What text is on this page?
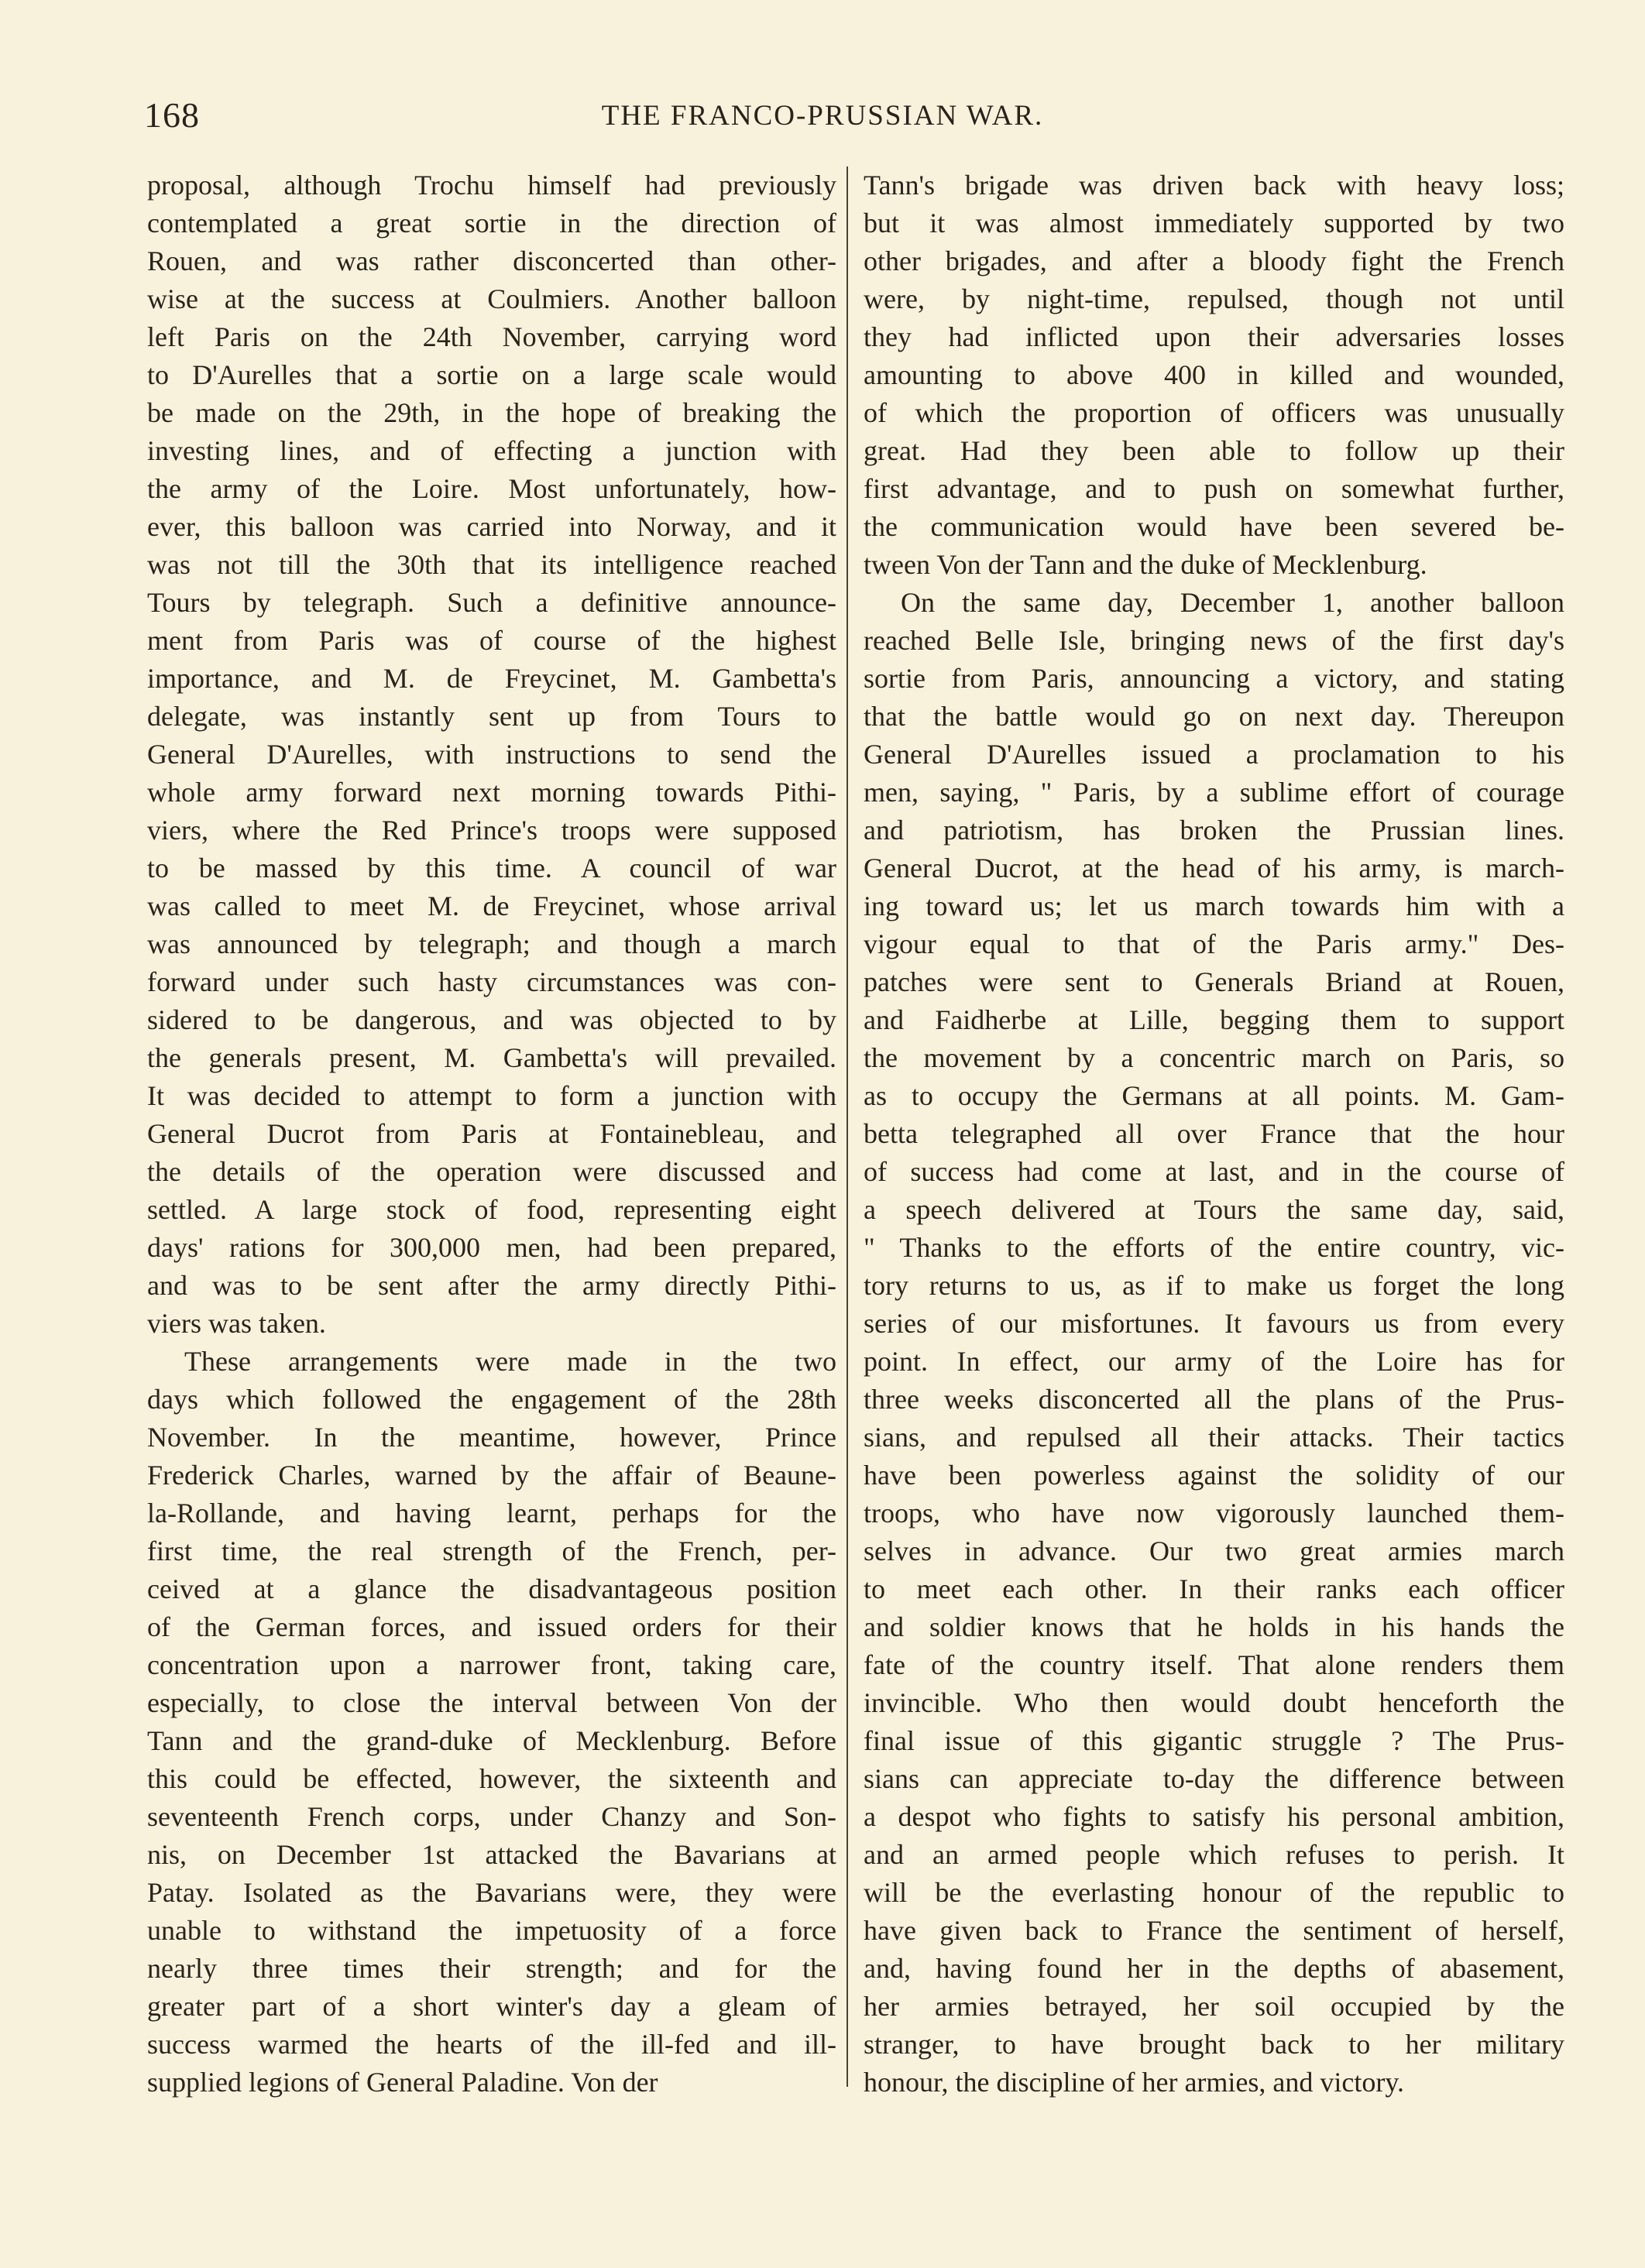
168	THE FRANCO-PRUSSIAN WAR.
proposal, although Trochu himself had previously
contemplated a great sortie in the direction of
Rouen, and was rather disconcerted than other-
wise at the success at Coulmiers. Another balloon
left Paris on the 24th November, carrying word
to D'Aurelles that a sortie on a large scale would
be made on the 29th, in the hope of breaking the
investing lines, and of effecting a junction with
the army of the Loire. Most unfortunately, how-
ever, this balloon was carried into Norway, and it
was not till the 30th that its intelligence reached
Tours by telegraph. Such a definitive announce-
ment from Paris was of course of the highest
importance, and M. de Freycinet, M. Gambetta's
delegate, was instantly sent up from Tours to
General D'Aurelles, with instructions to send the
whole army forward next morning towards Pithi-
viers, where the Red Prince's troops were supposed
to be massed by this time. A council of war
was called to meet M. de Freycinet, whose arrival
was announced by telegraph; and though a march
forward under such hasty circumstances was con-
sidered to be dangerous, and was objected to by
the generals present, M. Gambetta's will prevailed.
It was decided to attempt to form a junction with
General Ducrot from Paris at Fontainebleau, and
the details of the operation were discussed and
settled. A large stock of food, representing eight
days' rations for 300,000 men, had been prepared,
and was to be sent after the army directly Pithi-
viers was taken.
These arrangements were made in the two
days which followed the engagement of the 28th
November. In the meantime, however, Prince
Frederick Charles, warned by the affair of Beaune-
la-Rollande, and having learnt, perhaps for the
first time, the real strength of the French, per-
ceived at a glance the disadvantageous position
of the German forces, and issued orders for their
concentration upon a narrower front, taking care,
especially, to close the interval between Von der
Tann and the grand-duke of Mecklenburg. Before
this could be effected, however, the sixteenth and
seventeenth French corps, under Chanzy and Son-
nis, on December 1st attacked the Bavarians at
Patay. Isolated as the Bavarians were, they were
unable to withstand the impetuosity of a force
nearly three times their strength; and for the
greater part of a short winter's day a gleam of
success warmed the hearts of the ill-fed and ill-
supplied legions of General Paladine. Von der
Tann's brigade was driven back with heavy loss;
but it was almost immediately supported by two
other brigades, and after a bloody fight the French
were, by night-time, repulsed, though not until
they had inflicted upon their adversaries losses
amounting to above 400 in killed and wounded,
of which the proportion of officers was unusually
great. Had they been able to follow up their
first advantage, and to push on somewhat further,
the communication would have been severed be-
tween Von der Tann and the duke of Mecklenburg.
On the same day, December 1, another balloon
reached Belle Isle, bringing news of the first day's
sortie from Paris, announcing a victory, and stating
that the battle would go on next day. Thereupon
General D'Aurelles issued a proclamation to his
men, saying, " Paris, by a sublime effort of courage
and patriotism, has broken the Prussian lines.
General Ducrot, at the head of his army, is march-
ing toward us; let us march towards him with a
vigour equal to that of the Paris army." Des-
patches were sent to Generals Briand at Rouen,
and Faidherbe at Lille, begging them to support
the movement by a concentric march on Paris, so
as to occupy the Germans at all points. M. Gam-
betta telegraphed all over France that the hour
of success had come at last, and in the course of
a speech delivered at Tours the same day, said,
" Thanks to the efforts of the entire country, vic-
tory returns to us, as if to make us forget the long
series of our misfortunes. It favours us from every
point. In effect, our army of the Loire has for
three weeks disconcerted all the plans of the Prus-
sians, and repulsed all their attacks. Their tactics
have been powerless against the solidity of our
troops, who have now vigorously launched them-
selves in advance. Our two great armies march
to meet each other. In their ranks each officer
and soldier knows that he holds in his hands the
fate of the country itself. That alone renders them
invincible. Who then would doubt henceforth the
final issue of this gigantic struggle ? The Prus-
sians can appreciate to-day the difference between
a despot who fights to satisfy his personal ambition,
and an armed people which refuses to perish. It
will be the everlasting honour of the republic to
have given back to France the sentiment of herself,
and, having found her in the depths of abasement,
her armies betrayed, her soil occupied by the
stranger, to have brought back to her military
honour, the discipline of her armies, and victory.
